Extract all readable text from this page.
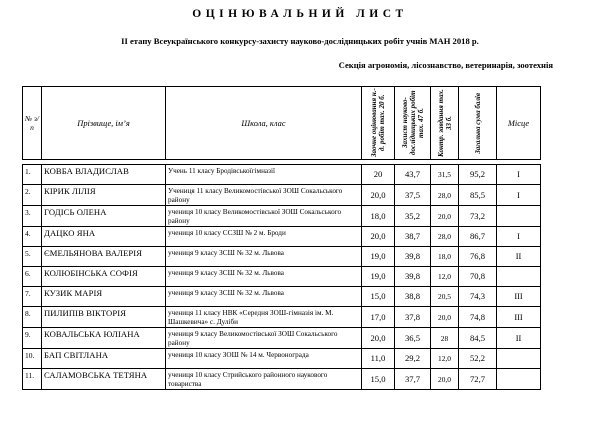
ОЦІНЮВАЛЬНИЙ ЛИСТ
ІІ етапу Всеукраїнського конкурсу-захисту науково-дослідницьких робіт учнів МАН 2018 р.
Секція агрономія, лісознавство, ветеринарія, зоотехнія
№ з/п	Прізвище, ім’я	Школа, клас	Заочне оцінювання н.-д. робіт max. 20 б.	Захист науково-дослідницьких робіт max. 47 б.	Контр. завдання max. 33 б.	Загальна сума балів	Місце

1.	КОВБА ВЛАДИСЛАВ	Учень 11 класу Бродівськоїгімназії	20	43,7	31,5	95,2	І
2.	КІРИК ЛІЛІЯ	Учениця 11 класу Великомостівської ЗОШ Сокальського району	20,0	37,5	28,0	85,5	І
3.	ГОДІСЬ ОЛЕНА	учениця 10 класу Великомостівської ЗОШ Сокальського району	18,0	35,2	20,0	73,2	
4.	ДАЦКО ЯНА	учениця 10 класу ССЗШ № 2 м. Броди	20,0	38,7	28,0	86,7	І
5.	ЄМЕЛЬЯНОВА ВАЛЕРІЯ	учениця 9 класу ЗСШ № 32 м. Львова	19,0	39,8	18,0	76,8	ІІ
6.	КОЛЮБІНСЬКА СОФІЯ	учениця 9 класу ЗСШ № 32 м. Львова	19,0	39,8	12,0	70,8	
7.	КУЗИК МАРІЯ	учениця 9 класу ЗСШ № 32 м. Львова	15,0	38,8	20,5	74,3	ІІІ
8.	ПИЛИПІВ ВІКТОРІЯ	учениця 11 класу НВК «Середня ЗОШ-гімназія ім. М. Шашкевича» с. Дуліби	17,0	37,8	20,0	74,8	ІІІ
9.	КОВАЛЬСЬКА ЮЛІАНА	учениця 9 класу Великомостівської ЗОШ Сокальського району	20,0	36,5	28	84,5	ІІ
10.	БАП СВІТЛАНА	учениця 10 класу ЗОШ № 14 м. Червонограда	11,0	29,2	12,0	52,2	
11.	САЛАМОВСЬКА ТЕТЯНА	учениця 10 класу Стрийського районного наукового товариства	15,0	37,7	20,0	72,7	
